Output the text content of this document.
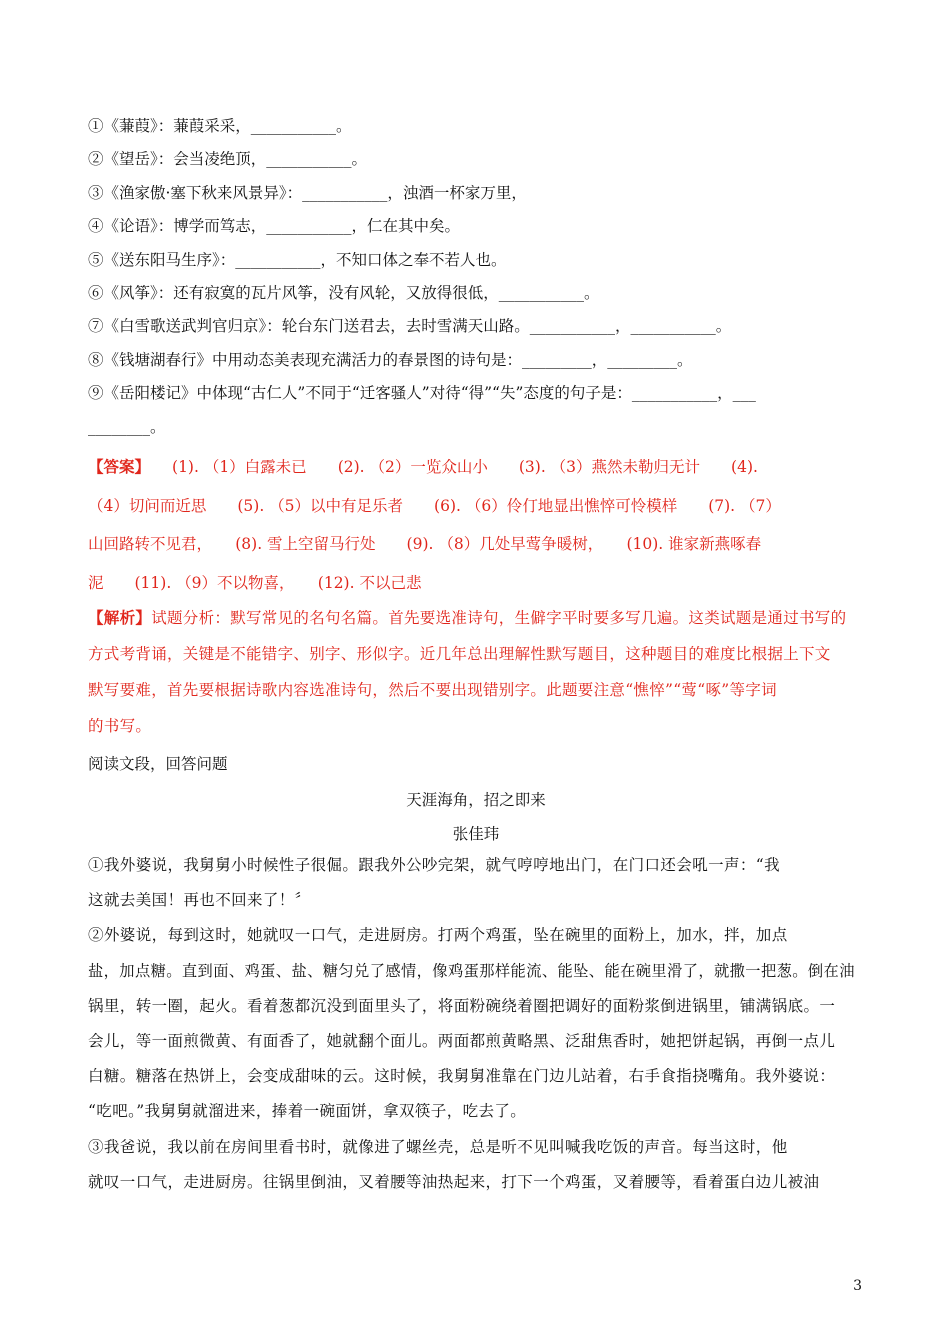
①《蒹葭》：蒹葭采采，___________。
②《望岳》：会当凌绝顶，___________。
③《渔家傲·塞下秋来风景异》：___________，浊酒一杯家万里，
④《论语》：博学而笃志，___________，仁在其中矣。
⑤《送东阳马生序》：___________，不知口体之奉不若人也。
⑥《风筝》：还有寂寞的瓦片风筝，没有风轮，又放得很低，___________。
⑦《白雪歌送武判官归京》：轮台东门送君去，去时雪满天山路。___________，___________。
⑧《钱塘湖春行》中用动态美表现充满活力的春景图的诗句是：_________，_________。
⑨《岳阳楼记》中体现“古仁人”不同于“迁客骚人”对待“得”“失”态度的句子是：___________，___
________。
【答案】 (1). （1）白露未已　　(2). （2）一览众山小　　(3). （3）燕然未勒归无计　　(4).
（4）切问而近思　　(5). （5）以中有足乐者　　(6). （6）伶仃地显出憔悴可怜模样　　(7). （7）
山回路转不见君，　　(8). 雪上空留马行处　　(9). （8）几处早莺争暖树，　　(10). 谁家新燕啄春
泥　　(11). （9）不以物喜，　　(12). 不以己悲
【解析】试题分析：默写常见的名句名篇。首先要选准诗句，生僻字平时要多写几遍。这类试题是通过书写的
方式考背诵，关键是不能错字、别字、形似字。近几年总出理解性默写题目，这种题目的难度比根据上下文
默写要难，首先要根据诗歌内容选准诗句，然后不要出现错别字。此题要注意“憔悴”“莺“啄”等字词
的书写。
阅读文段，回答问题
天涯海角，招之即来
张佳玮
①我外婆说，我舅舅小时候性子很倔。跟我外公吵完架，就气哼哼地出门，在门口还会吼一声：“我
这就去美国！再也不回来了！〞
②外婆说，每到这时，她就叹一口气，走进厨房。打两个鸡蛋，坠在碗里的面粉上，加水，拌，加点
盐，加点糖。直到面、鸡蛋、盐、糖匀兑了感情，像鸡蛋那样能流、能坠、能在碗里滑了，就撒一把葱。倒在油
锅里，转一圈，起火。看着葱都沉没到面里头了，将面粉碗绕着圈把调好的面粉浆倒进锅里，铺满锅底。一
会儿，等一面煎微黄、有面香了，她就翻个面儿。两面都煎黄略黑、泛甜焦香时，她把饼起锅，再倒一点儿
白糖。糖落在热饼上，会变成甜味的云。这时候，我舅舅准靠在门边儿站着，右手食指挠嘴角。我外婆说：
“吃吧。”我舅舅就溜进来，捧着一碗面饼，拿双筷子，吃去了。
③我爸说，我以前在房间里看书时，就像进了螺丝壳，总是听不见叫喊我吃饭的声音。每当这时，他
就叹一口气，走进厨房。往锅里倒油，叉着腰等油热起来，打下一个鸡蛋，叉着腰等，看着蛋白边儿被油
3
